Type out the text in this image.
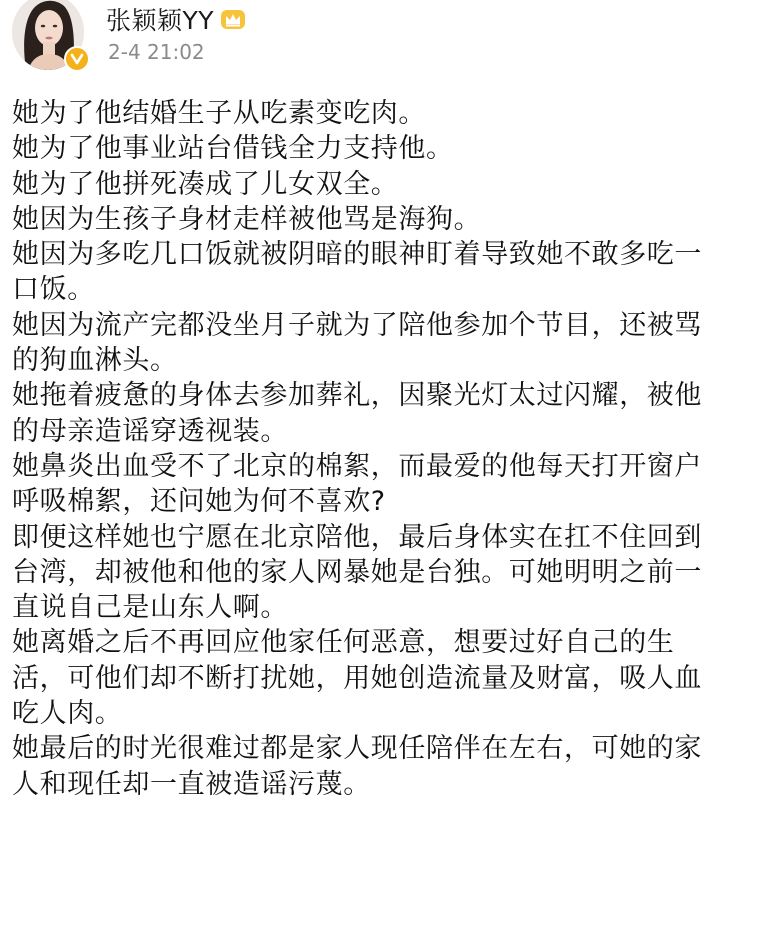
张颖颖YY
2-4 21:02
她为了他结婚生子从吃素变吃肉。
她为了他事业站台借钱全力支持他。
她为了他拼死凑成了儿女双全。
她因为生孩子身材走样被他骂是海狗。
她因为多吃几口饭就被阴暗的眼神盯着导致她不敢多吃一
口饭。
她因为流产完都没坐月子就为了陪他参加个节目，还被骂
的狗血淋头。
她拖着疲惫的身体去参加葬礼，因聚光灯太过闪耀，被他
的母亲造谣穿透视装。
她鼻炎出血受不了北京的棉絮，而最爱的他每天打开窗户
呼吸棉絮，还问她为何不喜欢?
即便这样她也宁愿在北京陪他，最后身体实在扛不住回到
台湾，却被他和他的家人网暴她是台独。可她明明之前一
直说自己是山东人啊。
她离婚之后不再回应他家任何恶意，想要过好自己的生
活，可他们却不断打扰她，用她创造流量及财富，吸人血
吃人肉。
她最后的时光很难过都是家人现任陪伴在左右，可她的家
人和现任却一直被造谣污蔑。
